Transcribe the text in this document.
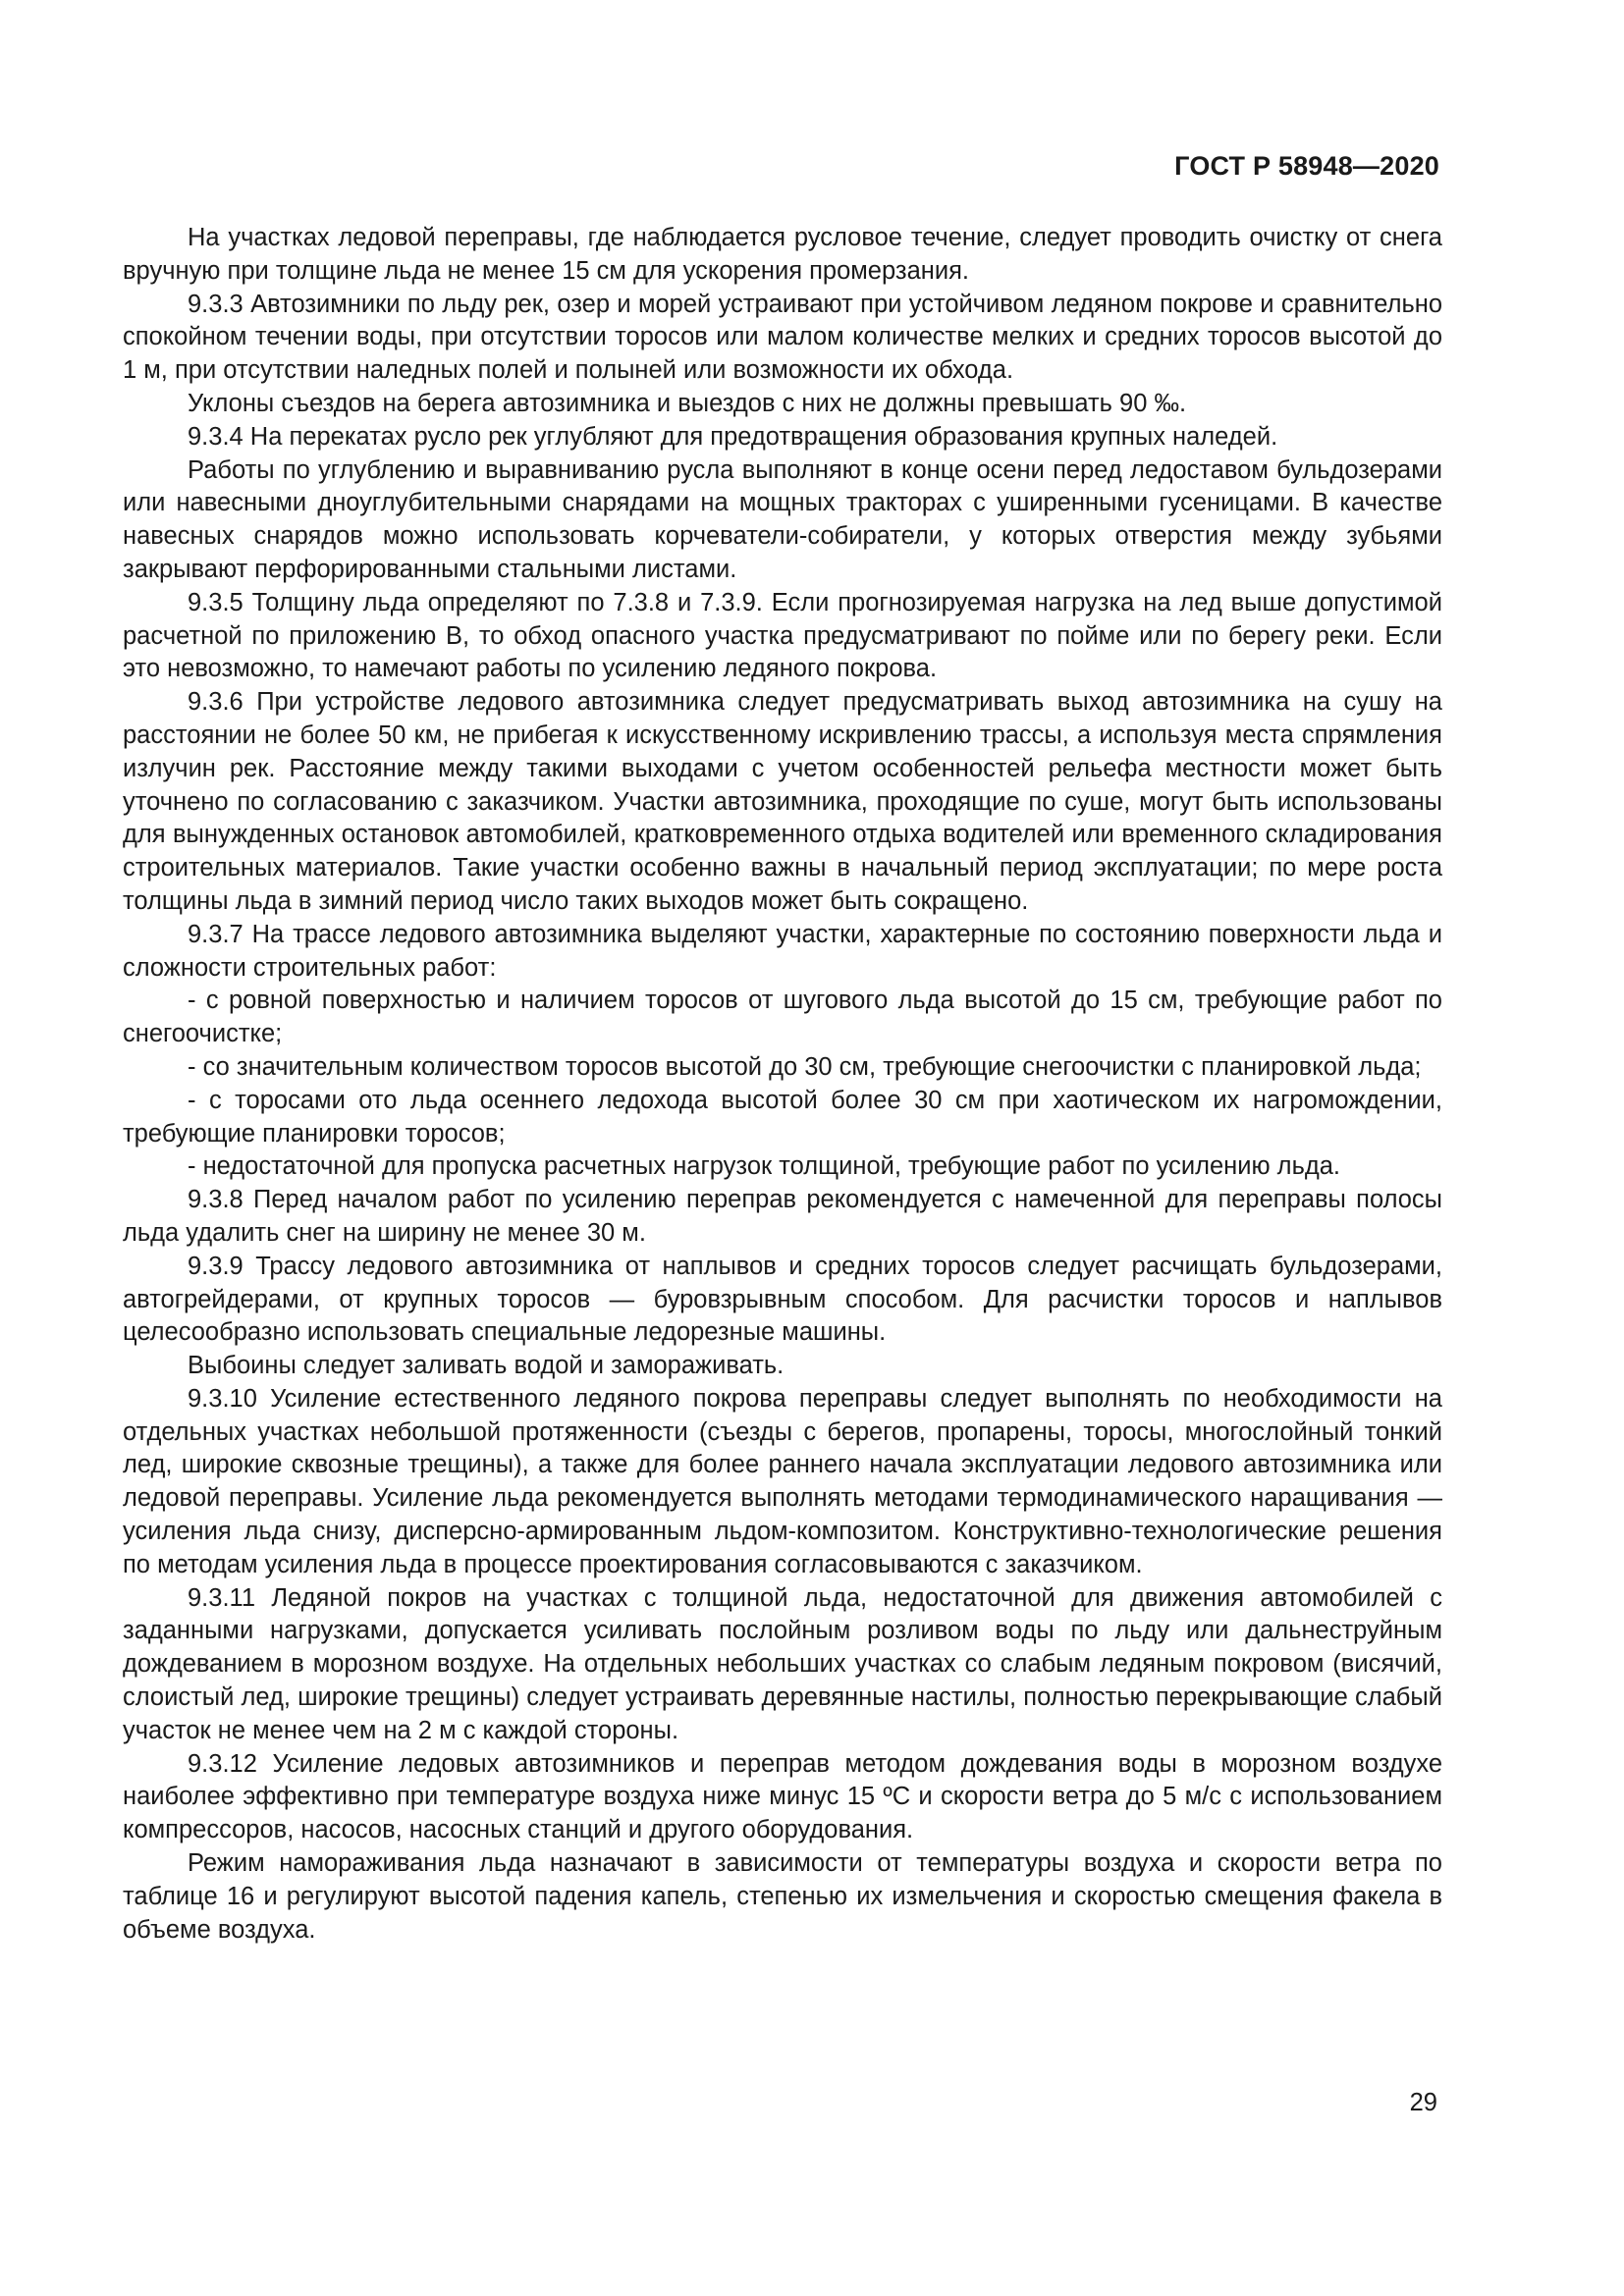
ГОСТ Р 58948—2020

На участках ледовой переправы, где наблюдается русловое течение, следует проводить очистку от снега вручную при толщине льда не менее 15 см для ускорения промерзания.

9.3.3 Автозимники по льду рек, озер и морей устраивают при устойчивом ледяном покрове и сравнительно спокойном течении воды, при отсутствии торосов или малом количестве мелких и средних торосов высотой до 1 м, при отсутствии наледных полей и полыней или возможности их обхода.

Уклоны съездов на берега автозимника и выездов с них не должны превышать 90 ‰.

9.3.4 На перекатах русло рек углубляют для предотвращения образования крупных наледей.

Работы по углублению и выравниванию русла выполняют в конце осени перед ледоставом бульдозерами или навесными дноуглубительными снарядами на мощных тракторах с уширенными гусеницами. В качестве навесных снарядов можно использовать корчеватели-собиратели, у которых отверстия между зубьями закрывают перфорированными стальными листами.

9.3.5 Толщину льда определяют по 7.3.8 и 7.3.9. Если прогнозируемая нагрузка на лед выше допустимой расчетной по приложению В, то обход опасного участка предусматривают по пойме или по берегу реки. Если это невозможно, то намечают работы по усилению ледяного покрова.

9.3.6 При устройстве ледового автозимника следует предусматривать выход автозимника на сушу на расстоянии не более 50 км, не прибегая к искусственному искривлению трассы, а используя места спрямления излучин рек. Расстояние между такими выходами с учетом особенностей рельефа местности может быть уточнено по согласованию с заказчиком. Участки автозимника, проходящие по суше, могут быть использованы для вынужденных остановок автомобилей, кратковременного отдыха водителей или временного складирования строительных материалов. Такие участки особенно важны в начальный период эксплуатации; по мере роста толщины льда в зимний период число таких выходов может быть сокращено.

9.3.7 На трассе ледового автозимника выделяют участки, характерные по состоянию поверхности льда и сложности строительных работ:

- с ровной поверхностью и наличием торосов от шугового льда высотой до 15 см, требующие работ по снегоочистке;

- со значительным количеством торосов высотой до 30 см, требующие снегоочистки с планировкой льда;

- с торосами ото льда осеннего ледохода высотой более 30 см при хаотическом их нагромождении, требующие планировки торосов;

- недостаточной для пропуска расчетных нагрузок толщиной, требующие работ по усилению льда.

9.3.8 Перед началом работ по усилению переправ рекомендуется с намеченной для переправы полосы льда удалить снег на ширину не менее 30 м.

9.3.9 Трассу ледового автозимника от наплывов и средних торосов следует расчищать бульдозерами, автогрейдерами, от крупных торосов — буровзрывным способом. Для расчистки торосов и наплывов целесообразно использовать специальные ледорезные машины.

Выбоины следует заливать водой и замораживать.

9.3.10 Усиление естественного ледяного покрова переправы следует выполнять по необходимости на отдельных участках небольшой протяженности (съезды с берегов, пропарены, торосы, многослойный тонкий лед, широкие сквозные трещины), а также для более раннего начала эксплуатации ледового автозимника или ледовой переправы. Усиление льда рекомендуется выполнять методами термодинамического наращивания — усиления льда снизу, дисперсно-армированным льдом-композитом. Конструктивно-технологические решения по методам усиления льда в процессе проектирования согласовываются с заказчиком.

9.3.11 Ледяной покров на участках с толщиной льда, недостаточной для движения автомобилей с заданными нагрузками, допускается усиливать послойным розливом воды по льду или дальнеструйным дождеванием в морозном воздухе. На отдельных небольших участках со слабым ледяным покровом (висячий, слоистый лед, широкие трещины) следует устраивать деревянные настилы, полностью перекрывающие слабый участок не менее чем на 2 м с каждой стороны.

9.3.12 Усиление ледовых автозимников и переправ методом дождевания воды в морозном воздухе наиболее эффективно при температуре воздуха ниже минус 15 ºС и скорости ветра до 5 м/с с использованием компрессоров, насосов, насосных станций и другого оборудования.

Режим намораживания льда назначают в зависимости от температуры воздуха и скорости ветра по таблице 16 и регулируют высотой падения капель, степенью их измельчения и скоростью смещения факела в объеме воздуха.

29
